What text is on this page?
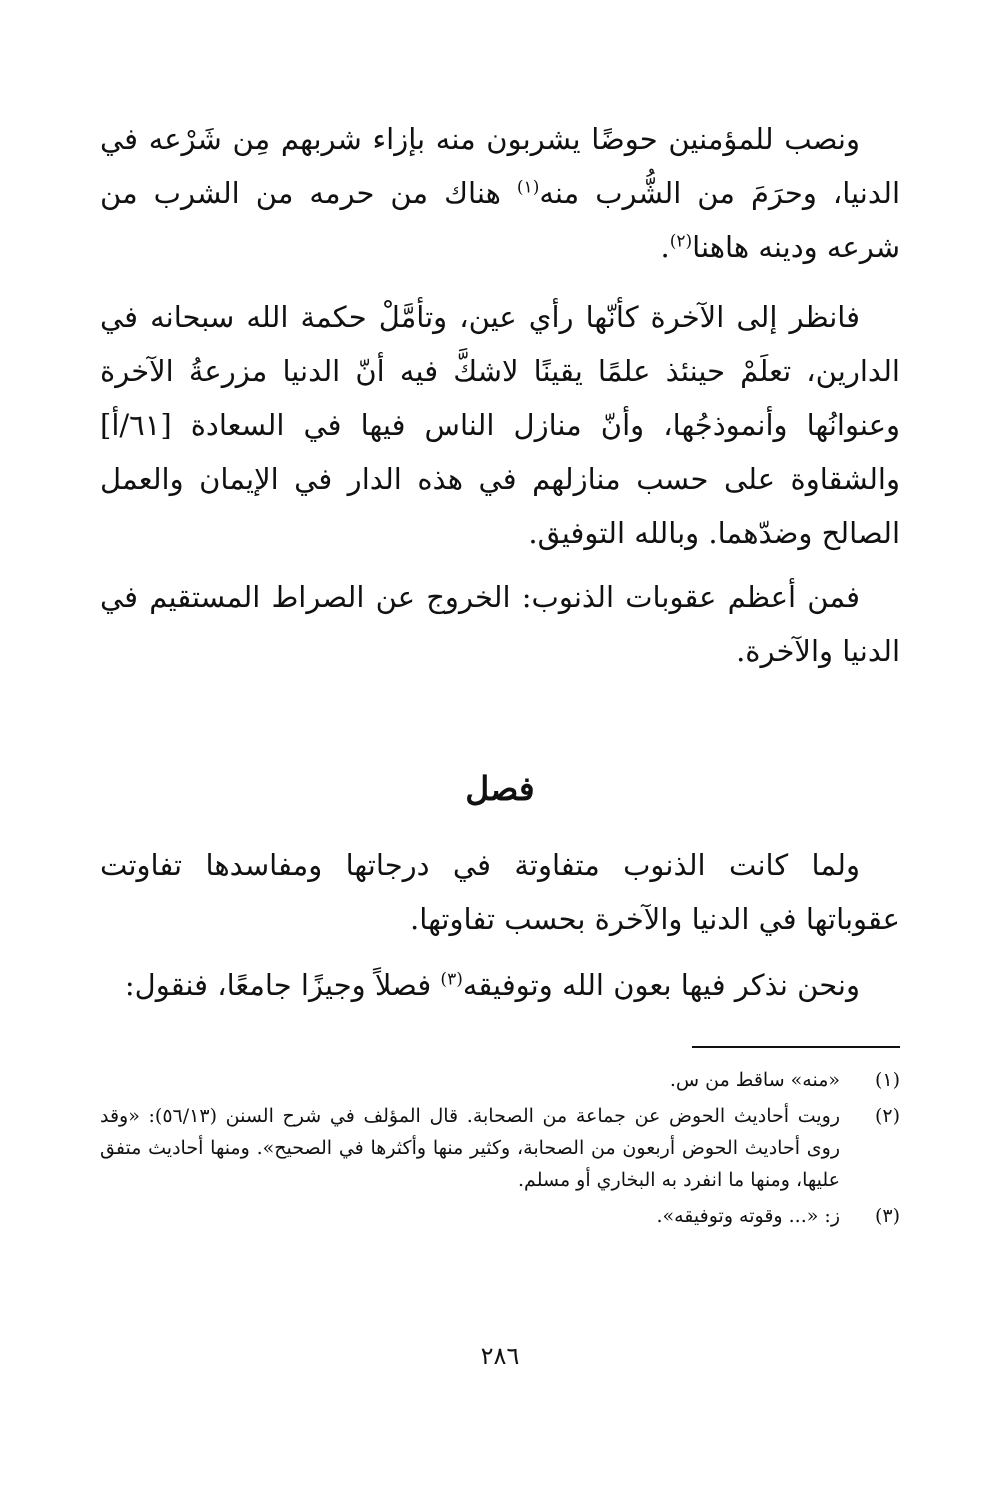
ونصب للمؤمنين حوضًا يشربون منه بإزاء شربهم مِن شَرْعه في الدنيا، وحرَمَ من الشُّرب منه$^{(١)}$ هناك من حرمه من الشرب من شرعه ودينه هاهنا$^{(٢)}$.

فانظر إلى الآخرة كأنّها رأي عين، وتأمَّلْ حكمة الله سبحانه في الدارين، تعلَمْ حينئذ علمًا يقينًا لاشكَّ فيه أنّ الدنيا مزرعةُ الآخرة وعنوانُها وأنموذجُها، وأنّ منازل الناس فيها في السعادة [٦١/أ] والشقاوة على حسب منازلهم في هذه الدار في الإيمان والعمل الصالح وضدّهما. وبالله التوفيق.

فمن أعظم عقوبات الذنوب: الخروج عن الصراط المستقيم في الدنيا والآخرة.

فصل

ولما كانت الذنوب متفاوتة في درجاتها ومفاسدها تفاوتت عقوباتها في الدنيا والآخرة بحسب تفاوتها.

ونحن نذكر فيها بعون الله وتوفيقه$^{(٣)}$ فصلاً وجيزًا جامعًا، فنقول:

(١)
«منه» ساقط من س.
(٢)
رويت أحاديث الحوض عن جماعة من الصحابة. قال المؤلف في شرح السنن (٥٦/١٣): «وقد روى أحاديث الحوض أربعون من الصحابة، وكثير منها وأكثرها في الصحيح». ومنها أحاديث متفق عليها، ومنها ما انفرد به البخاري أو مسلم.
(٣)
ز: «... وقوته وتوفيقه».

٢٨٦
